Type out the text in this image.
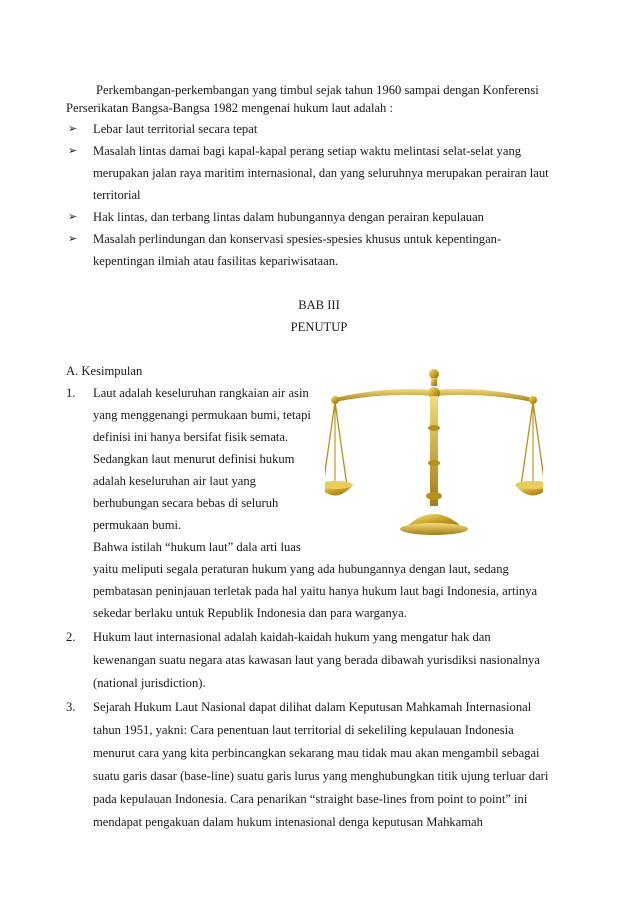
Perkembangan-perkembangan yang timbul sejak tahun 1960 sampai dengan Konferensi
Perserikatan Bangsa-Bangsa 1982 mengenai hukum laut adalah :
➢ Lebar laut territorial secara tepat
➢ Masalah lintas damai bagi kapal-kapal perang setiap waktu melintasi selat-selat yang
merupakan jalan raya maritim internasional, dan yang seluruhnya merupakan perairan laut
territorial
➢ Hak lintas, dan terbang lintas dalam hubungannya dengan perairan kepulauan
➢ Masalah perlindungan dan konservasi spesies-spesies khusus untuk kepentingan-
kepentingan ilmiah atau fasilitas kepariwisataan.
BAB III
PENUTUP
A. Kesimpulan
1. Laut adalah keseluruhan rangkaian air asin
yang menggenangi permukaan bumi, tetapi
definisi ini hanya bersifat fisik semata.
Sedangkan laut menurut definisi hukum
adalah keseluruhan air laut yang
berhubungan secara bebas di seluruh
permukaan bumi.
Bahwa istilah “hukum laut” dala arti luas
yaitu meliputi segala peraturan hukum yang ada hubungannya dengan laut, sedang
pembatasan peninjauan terletak pada hal yaitu hanya hukum laut bagi Indonesia, artinya
sekedar berlaku untuk Republik Indonesia dan para warganya.
2. Hukum laut internasional adalah kaidah-kaidah hukum yang mengatur hak dan
kewenangan suatu negara atas kawasan laut yang berada dibawah yurisdiksi nasionalnya
(national jurisdiction).
3. Sejarah Hukum Laut Nasional dapat dilihat dalam Keputusan Mahkamah Internasional
tahun 1951, yakni: Cara penentuan laut territorial di sekeliling kepulauan Indonesia
menurut cara yang kita perbincangkan sekarang mau tidak mau akan mengambil sebagai
suatu garis dasar (base-line) suatu garis lurus yang menghubungkan titik ujung terluar dari
pada kepulauan Indonesia. Cara penarikan “straight base-lines from point to point” ini
mendapat pengakuan dalam hukum intenasional denga keputusan Mahkamah
